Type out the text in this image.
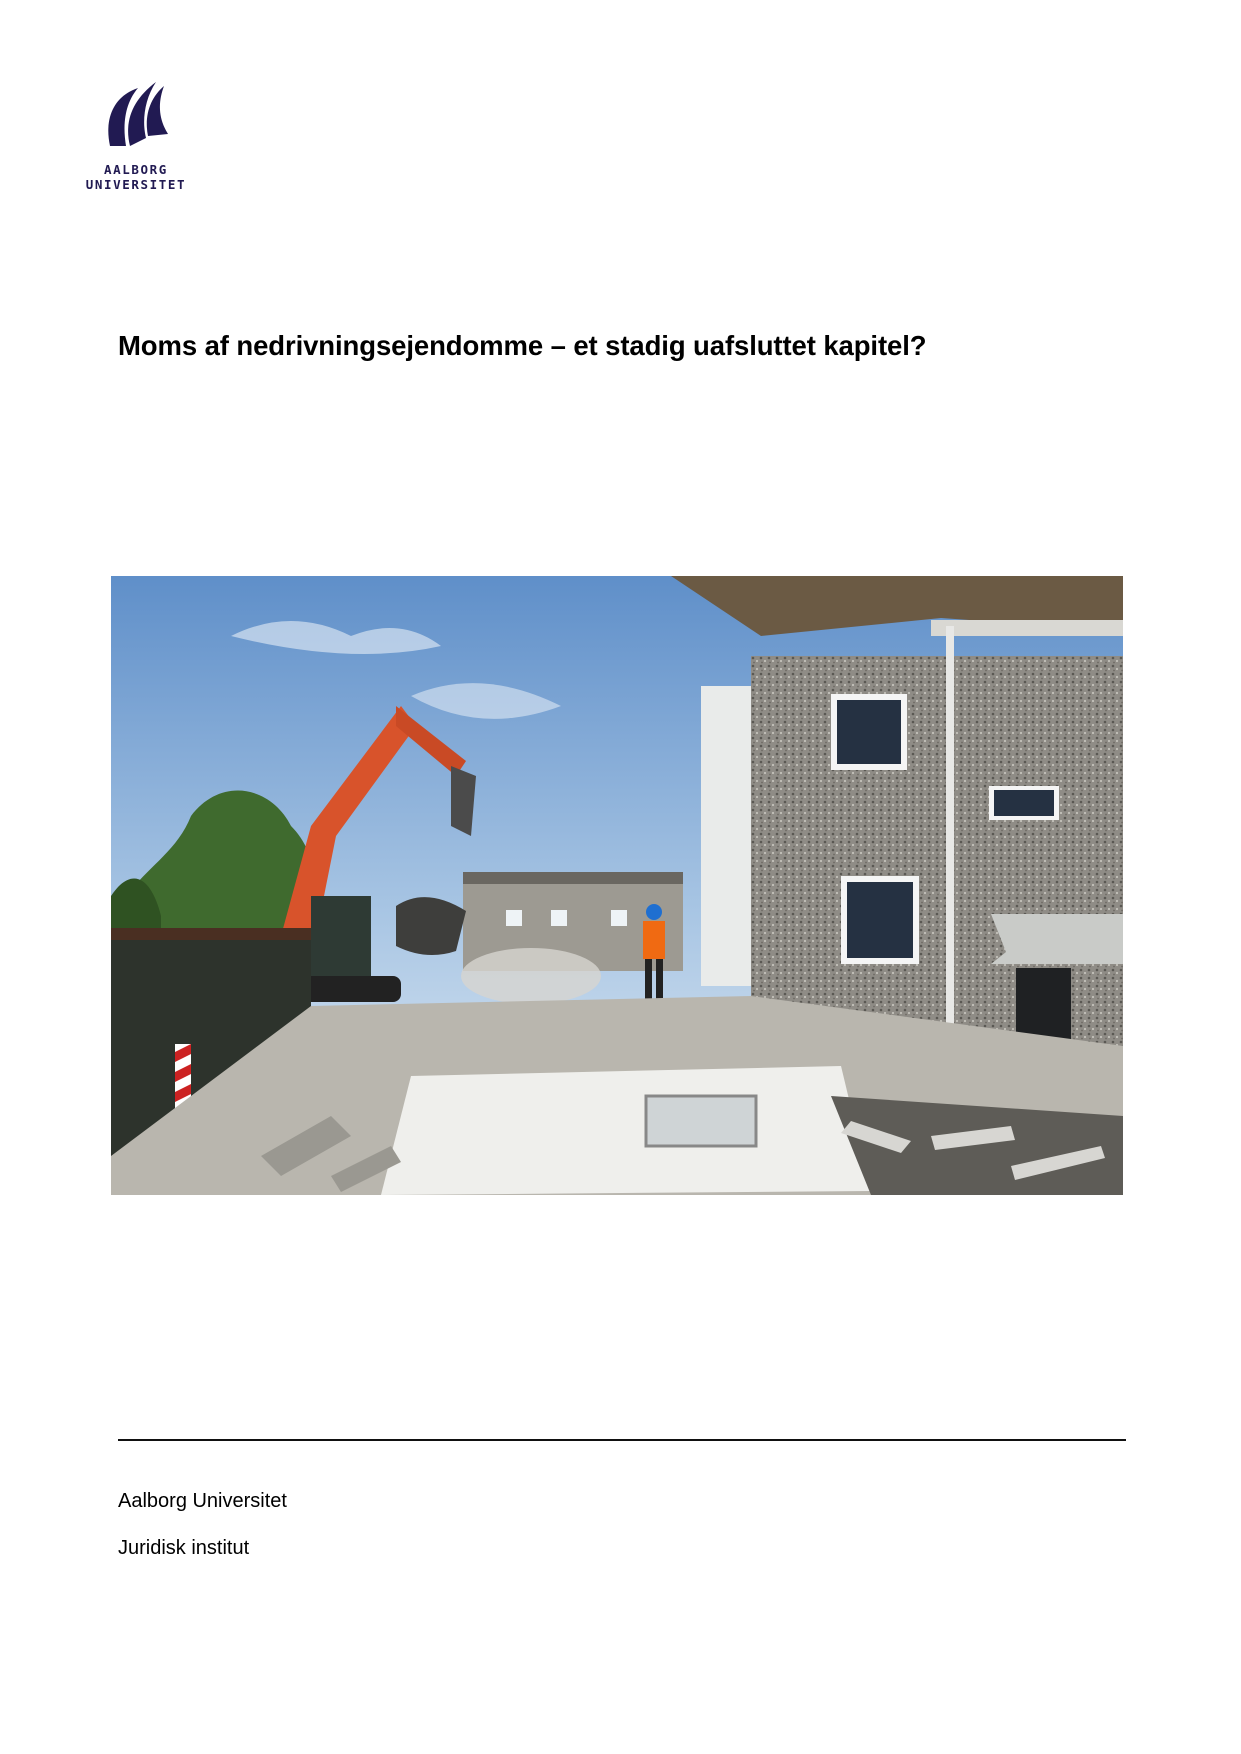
AALBORG
UNIVERSITET
Moms af nedrivningsejendomme – et stadig uafsluttet kapitel?
Aalborg Universitet
Juridisk institut
